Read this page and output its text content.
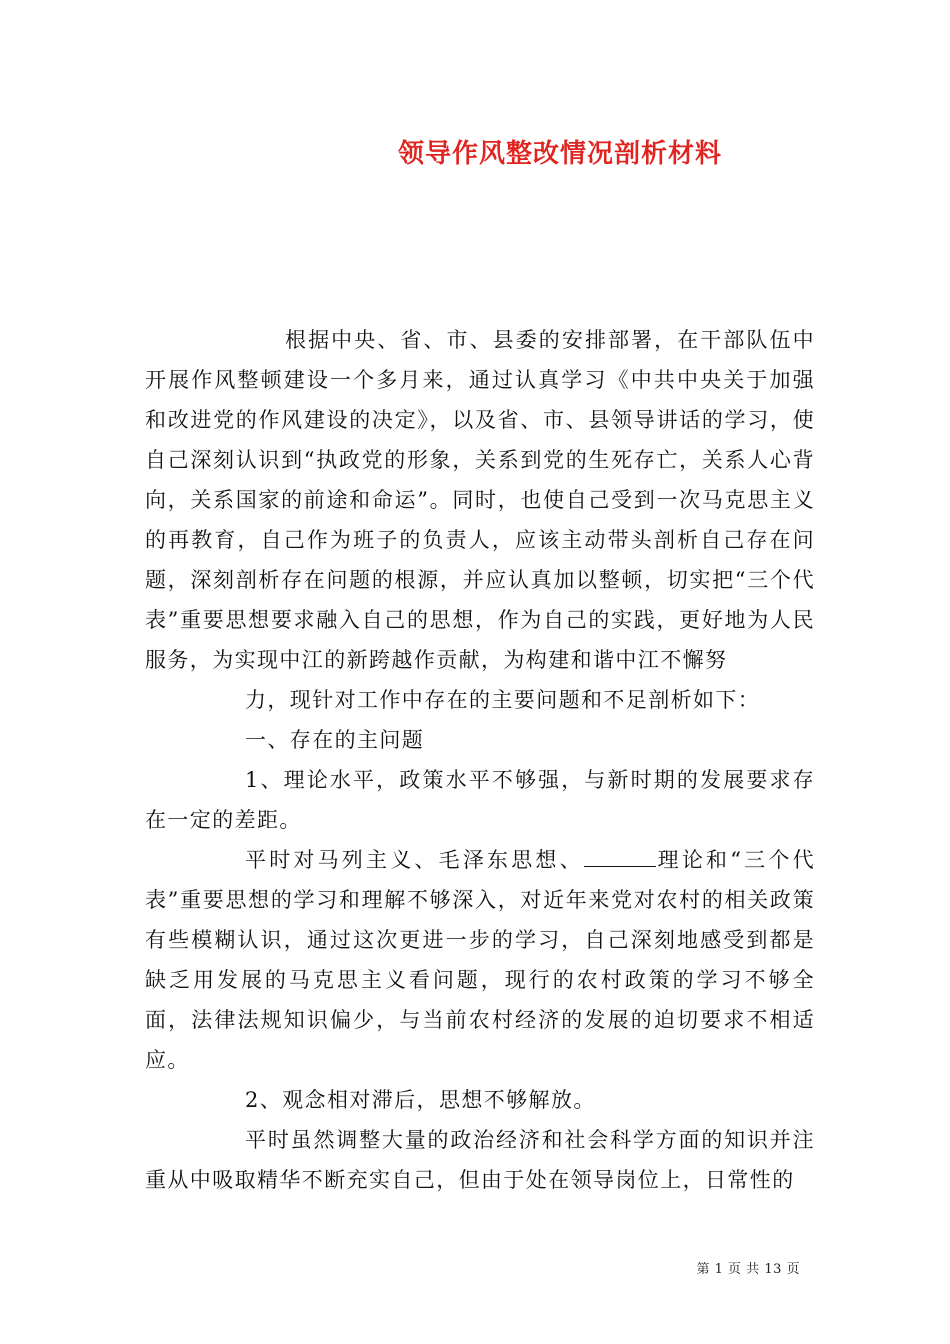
领导作风整改情况剖析材料

根据中央、省、市、县委的安排部署，在干部队伍中开展作风整顿建设一个多月来，通过认真学习《中共中央关于加强和改进党的作风建设的决定》，以及省、市、县领导讲话的学习，使自己深刻认识到“执政党的形象，关系到党的生死存亡，关系人心背向，关系国家的前途和命运”。同时，也使自己受到一次马克思主义的再教育，自己作为班子的负责人，应该主动带头剖析自己存在问题，深刻剖析存在问题的根源，并应认真加以整顿，切实把“三个代表”重要思想要求融入自己的思想，作为自己的实践，更好地为人民服务，为实现中江的新跨越作贡献，为构建和谐中江不懈努

力，现针对工作中存在的主要问题和不足剖析如下：

一、存在的主问题

1、理论水平，政策水平不够强，与新时期的发展要求存在一定的差距。

平时对马列主义、毛泽东思想、	理论和“三个代表”重要思想的学习和理解不够深入，对近年来党对农村的相关政策有些模糊认识，通过这次更进一步的学习，自己深刻地感受到都是缺乏用发展的马克思主义看问题，现行的农村政策的学习不够全面，法律法规知识偏少，与当前农村经济的发展的迫切要求不相适应。

2、观念相对滞后，思想不够解放。

平时虽然调整大量的政治经济和社会科学方面的知识并注重从中吸取精华不断充实自己，但由于处在领导岗位上，日常性的

第 1 页 共 13 页
